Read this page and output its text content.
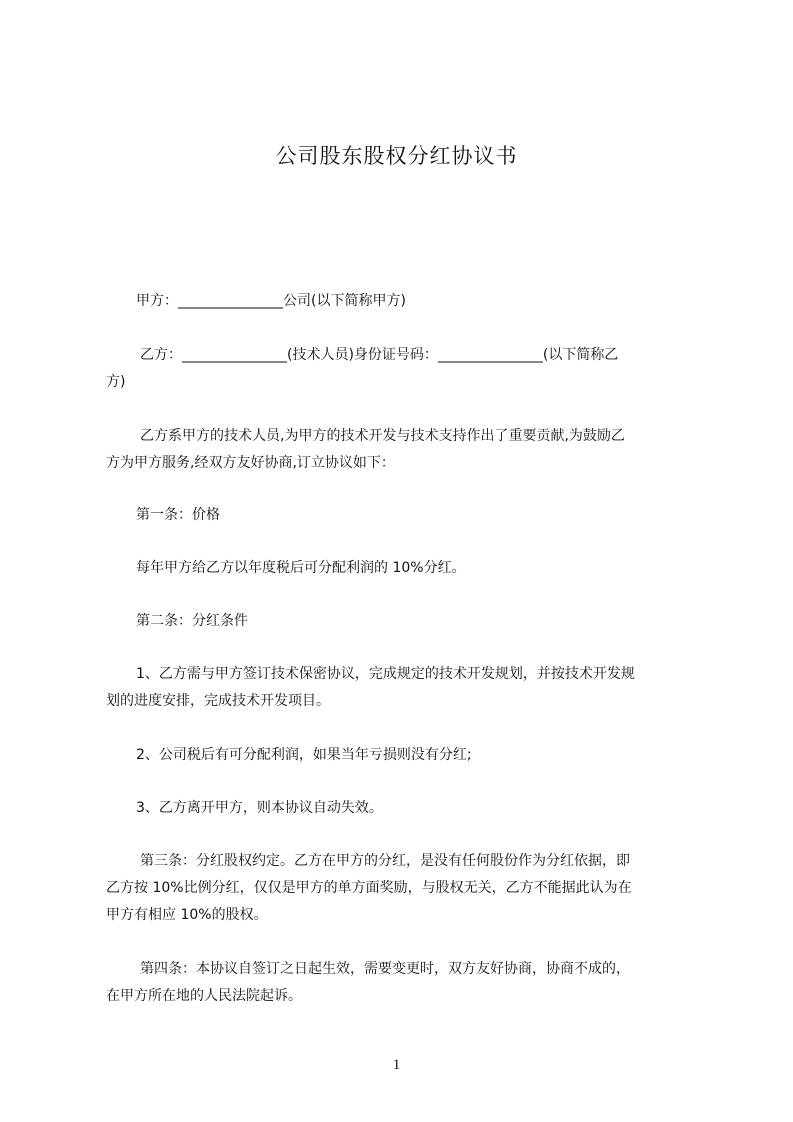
公司股东股权分红协议书
甲方：_______________公司(以下简称甲方)
乙方：_______________(技术人员)身份证号码：_______________(以下简称乙
方)
乙方系甲方的技术人员,为甲方的技术开发与技术支持作出了重要贡献,为鼓励乙
方为甲方服务,经双方友好协商,订立协议如下：
第一条：价格
每年甲方给乙方以年度税后可分配利润的 10%分红。
第二条：分红条件
1、乙方需与甲方签订技术保密协议，完成规定的技术开发规划，并按技术开发规
划的进度安排，完成技术开发项目。
2、公司税后有可分配利润，如果当年亏损则没有分红;
3、乙方离开甲方，则本协议自动失效。
第三条：分红股权约定。乙方在甲方的分红，是没有任何股份作为分红依据，即
乙方按 10%比例分红，仅仅是甲方的单方面奖励，与股权无关，乙方不能据此认为在
甲方有相应 10%的股权。
第四条：本协议自签订之日起生效，需要变更时，双方友好协商，协商不成的，
在甲方所在地的人民法院起诉。
1
